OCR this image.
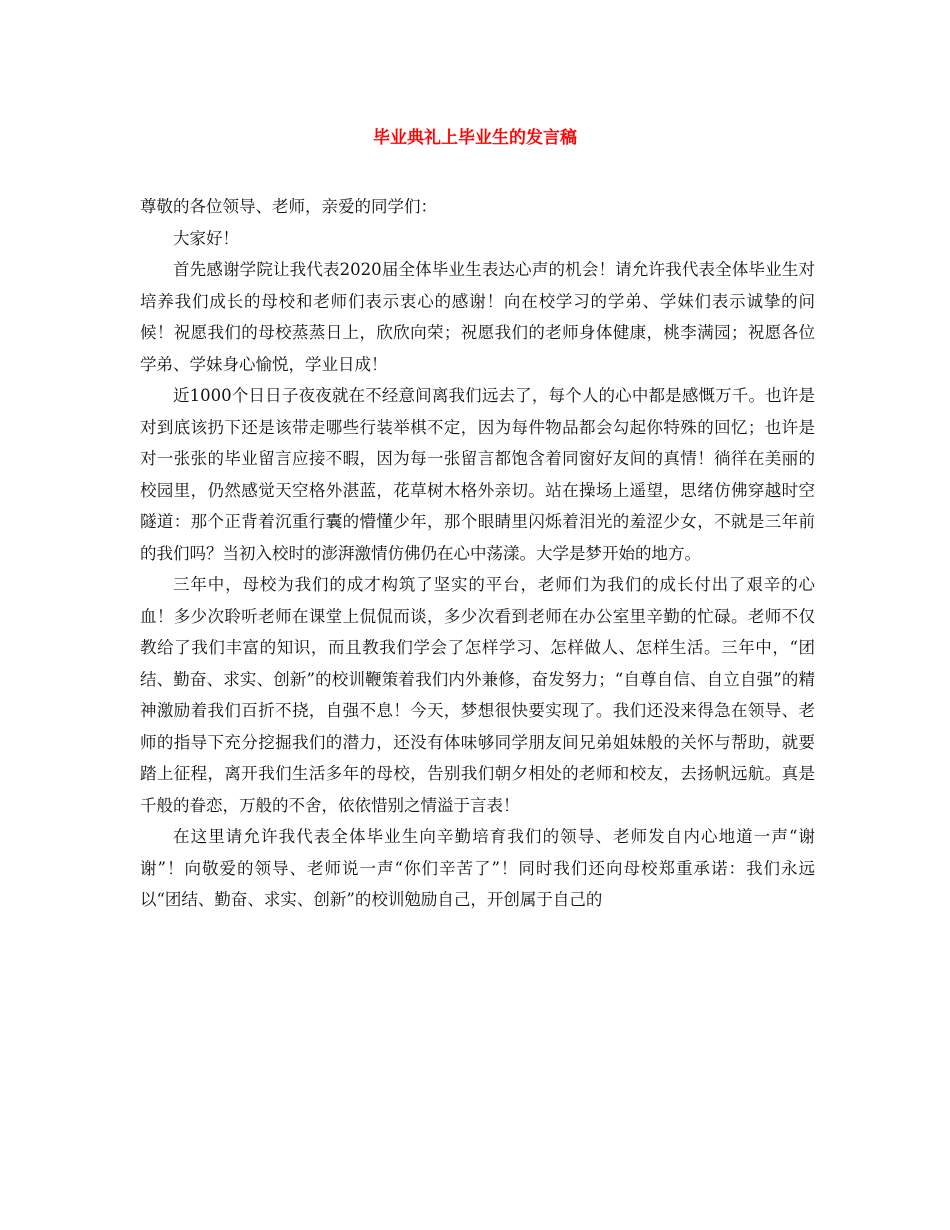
毕业典礼上毕业生的发言稿

尊敬的各位领导、老师，亲爱的同学们：

大家好！

首先感谢学院让我代表2020届全体毕业生表达心声的机会！请允许我代表全体毕业生对培养我们成长的母校和老师们表示衷心的感谢！向在校学习的学弟、学妹们表示诚挚的问候！祝愿我们的母校蒸蒸日上，欣欣向荣；祝愿我们的老师身体健康，桃李满园；祝愿各位学弟、学妹身心愉悦，学业日成！

近1000个日日子夜夜就在不经意间离我们远去了，每个人的心中都是感慨万千。也许是对到底该扔下还是该带走哪些行装举棋不定，因为每件物品都会勾起你特殊的回忆；也许是对一张张的毕业留言应接不暇，因为每一张留言都饱含着同窗好友间的真情！徜徉在美丽的校园里，仍然感觉天空格外湛蓝，花草树木格外亲切。站在操场上遥望，思绪仿佛穿越时空隧道：那个正背着沉重行囊的懵懂少年，那个眼睛里闪烁着泪光的羞涩少女，不就是三年前的我们吗？当初入校时的澎湃激情仿佛仍在心中荡漾。大学是梦开始的地方。

三年中，母校为我们的成才构筑了坚实的平台，老师们为我们的成长付出了艰辛的心血！多少次聆听老师在课堂上侃侃而谈，多少次看到老师在办公室里辛勤的忙碌。老师不仅教给了我们丰富的知识，而且教我们学会了怎样学习、怎样做人、怎样生活。三年中，“团结、勤奋、求实、创新”的校训鞭策着我们内外兼修，奋发努力；“自尊自信、自立自强”的精神激励着我们百折不挠，自强不息！今天，梦想很快要实现了。我们还没来得急在领导、老师的指导下充分挖掘我们的潜力，还没有体味够同学朋友间兄弟姐妹般的关怀与帮助，就要踏上征程，离开我们生活多年的母校，告别我们朝夕相处的老师和校友，去扬帆远航。真是千般的眷恋，万般的不舍，依依惜别之情溢于言表！

在这里请允许我代表全体毕业生向辛勤培育我们的领导、老师发自内心地道一声“谢谢”！向敬爱的领导、老师说一声“你们辛苦了”！同时我们还向母校郑重承诺：我们永远以“团结、勤奋、求实、创新”的校训勉励自己，开创属于自己的
